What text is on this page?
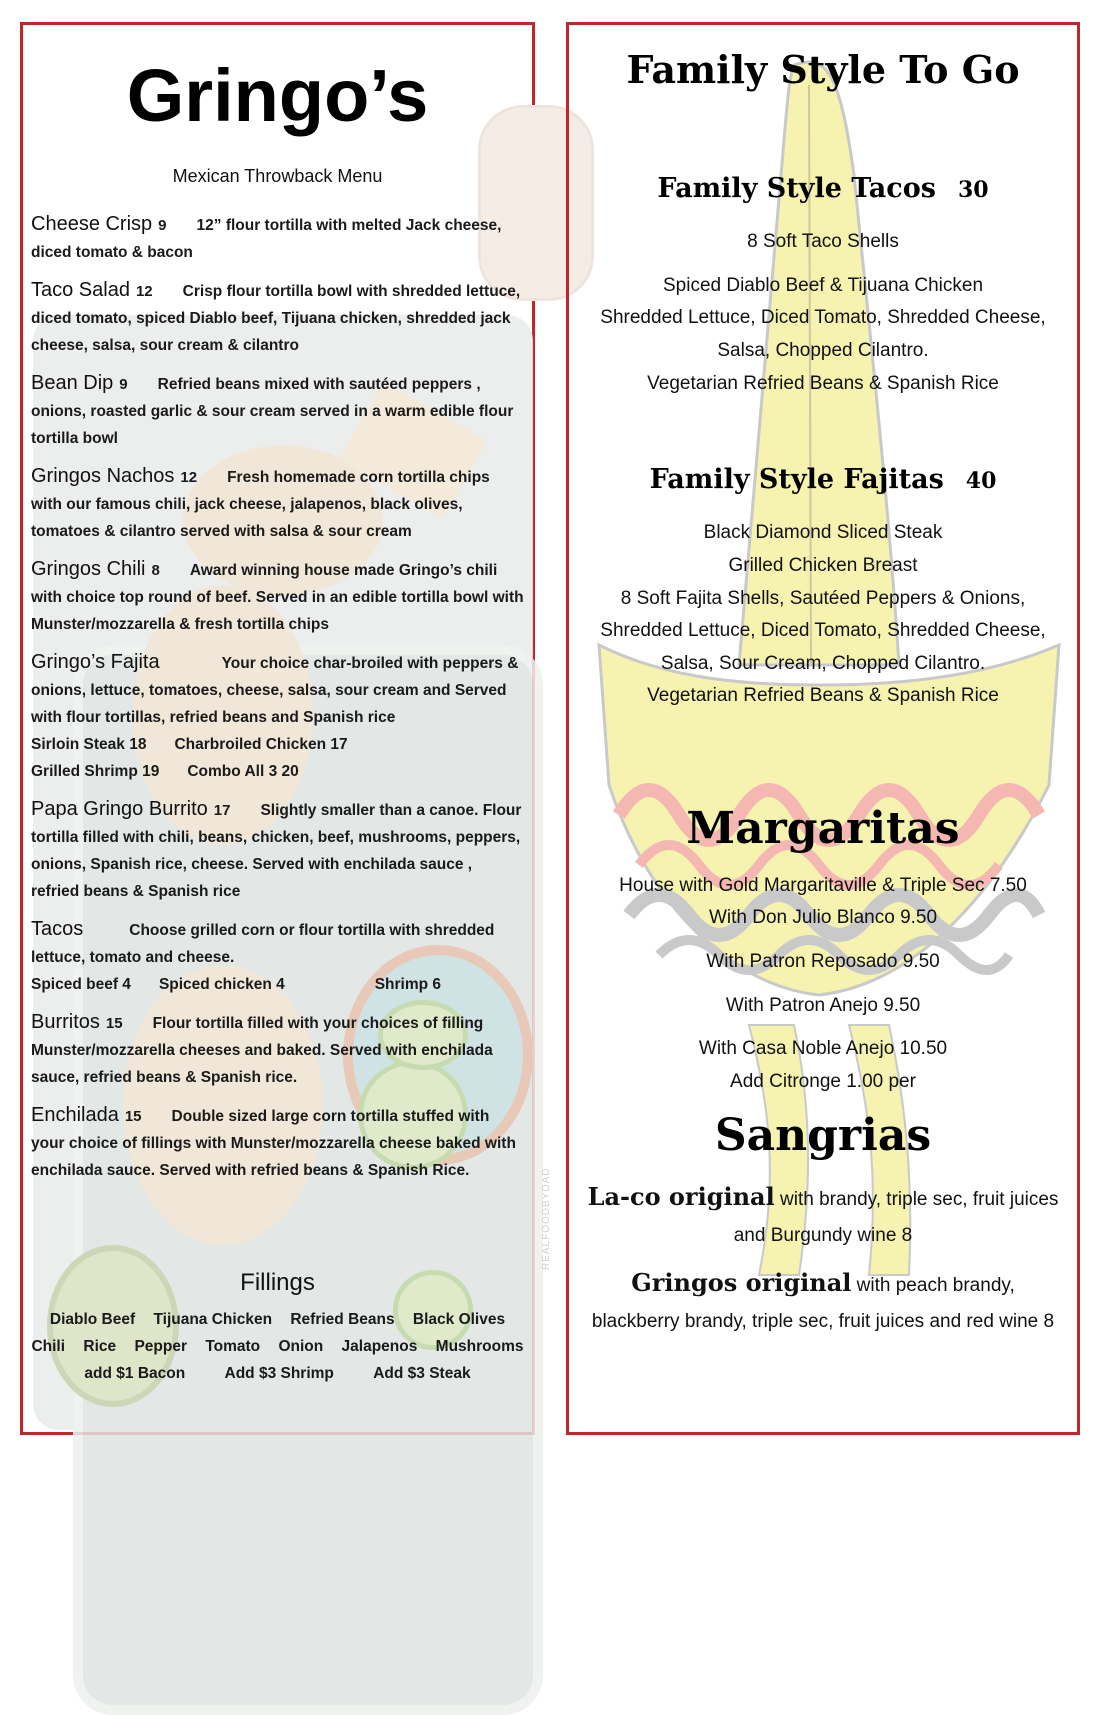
REALFOODBYDAD
Gringo’s
Mexican Throwback Menu
Cheese Crisp 9 12” flour tortilla with melted Jack cheese, diced tomato & bacon
Taco Salad 12 Crisp flour tortilla bowl with shredded lettuce, diced tomato, spiced Diablo beef, Tijuana chicken, shredded jack cheese, salsa, sour cream & cilantro
Bean Dip 9 Refried beans mixed with sautéed peppers , onions, roasted garlic & sour cream served in a warm edible flour tortilla bowl
Gringos Nachos 12 Fresh homemade corn tortilla chips with our famous chili, jack cheese, jalapenos, black olives, tomatoes & cilantro served with salsa & sour cream
Gringos Chili 8 Award winning house made Gringo’s chili with choice top round of beef. Served in an edible tortilla bowl with Munster/mozzarella & fresh tortilla chips
Gringo’s Fajita	Your choice char-broiled with peppers & onions, lettuce, tomatoes, cheese, salsa, sour cream and Served with flour tortillas, refried beans and Spanish rice
Sirloin Steak 18 Charbroiled Chicken 17
Grilled Shrimp 19 Combo All 3 20
Papa Gringo Burrito 17 Slightly smaller than a canoe. Flour tortilla filled with chili, beans, chicken, beef, mushrooms, peppers, onions, Spanish rice, cheese. Served with enchilada sauce , refried beans & Spanish rice
Tacos	Choose grilled corn or flour tortilla with shredded lettuce, tomato and cheese.
Spiced beef 4 Spiced chicken 4	Shrimp 6
Burritos 15 Flour tortilla filled with your choices of filling Munster/mozzarella cheeses and baked. Served with enchilada sauce, refried beans & Spanish rice.
Enchilada 15 Double sized large corn tortilla stuffed with your choice of fillings with Munster/mozzarella cheese baked with enchilada sauce. Served with refried beans & Spanish Rice.
Fillings
Diablo Beef Tijuana Chicken Refried Beans Black Olives
Chili Rice Pepper Tomato Onion Jalapenos Mushrooms
add $1 Bacon	Add $3 Shrimp	Add $3 Steak
Family Style To Go
Family Style Tacos 30
8 Soft Taco Shells
Spiced Diablo Beef & Tijuana Chicken
Shredded Lettuce, Diced Tomato, Shredded Cheese,
Salsa, Chopped Cilantro.
Vegetarian Refried Beans & Spanish Rice
Family Style Fajitas 40
Black Diamond Sliced Steak
Grilled Chicken Breast
8 Soft Fajita Shells, Sautéed Peppers & Onions,
Shredded Lettuce, Diced Tomato, Shredded Cheese,
Salsa, Sour Cream, Chopped Cilantro.
Vegetarian Refried Beans & Spanish Rice
Margaritas
House with Gold Margaritaville & Triple Sec 7.50
With Don Julio Blanco 9.50
With Patron Reposado 9.50
With Patron Anejo 9.50
With Casa Noble Anejo 10.50
Add Citronge 1.00 per
Sangrias
La-co original with brandy, triple sec, fruit juices and Burgundy wine 8
Gringos original with peach brandy, blackberry brandy, triple sec, fruit juices and red wine 8
